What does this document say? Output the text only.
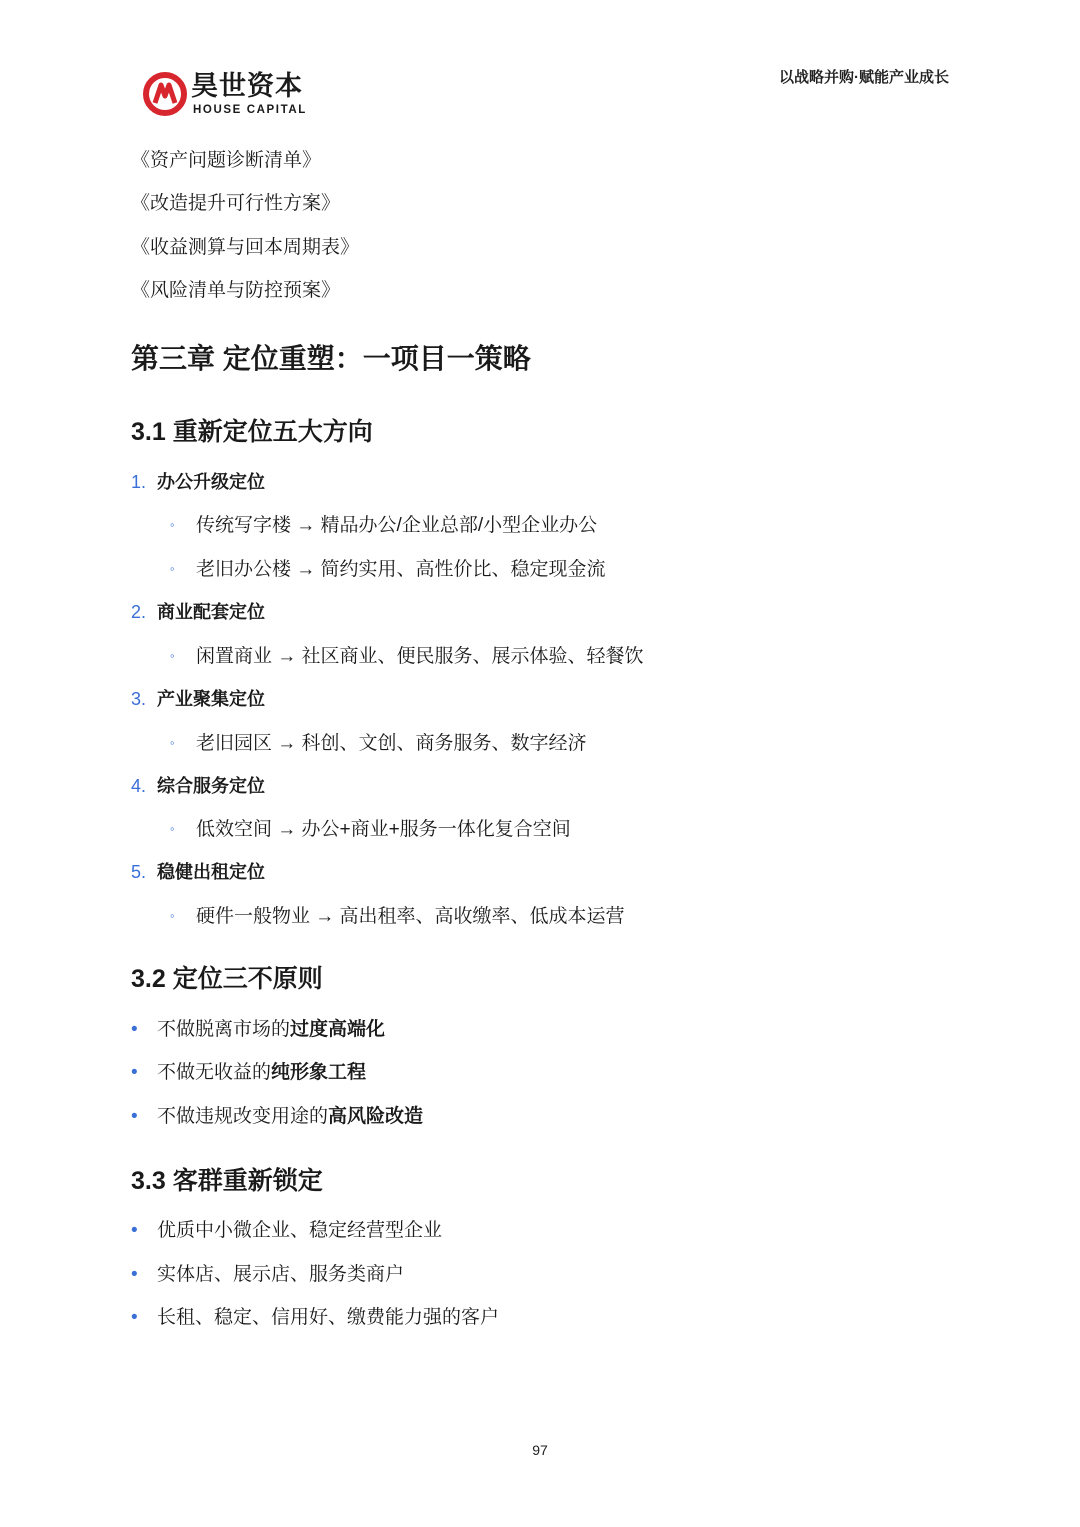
昊世资本
HOUSE CAPITAL
以战略并购·赋能产业成长
《资产问题诊断清单》
《改造提升可行性方案》
《收益测算与回本周期表》
《风险清单与防控预案》
第三章 定位重塑：一项目一策略
3.1 重新定位五大方向
1. 办公升级定位
◦ 传统写字楼 → 精品办公/企业总部/小型企业办公
◦ 老旧办公楼 → 简约实用、高性价比、稳定现金流
2. 商业配套定位
◦ 闲置商业 → 社区商业、便民服务、展示体验、轻餐饮
3. 产业聚集定位
◦ 老旧园区 → 科创、文创、商务服务、数字经济
4. 综合服务定位
◦ 低效空间 → 办公+商业+服务一体化复合空间
5. 稳健出租定位
◦ 硬件一般物业 → 高出租率、高收缴率、低成本运营
3.2 定位三不原则
• 不做脱离市场的过度高端化
• 不做无收益的纯形象工程
• 不做违规改变用途的高风险改造
3.3 客群重新锁定
• 优质中小微企业、稳定经营型企业
• 实体店、展示店、服务类商户
• 长租、稳定、信用好、缴费能力强的客户
97
